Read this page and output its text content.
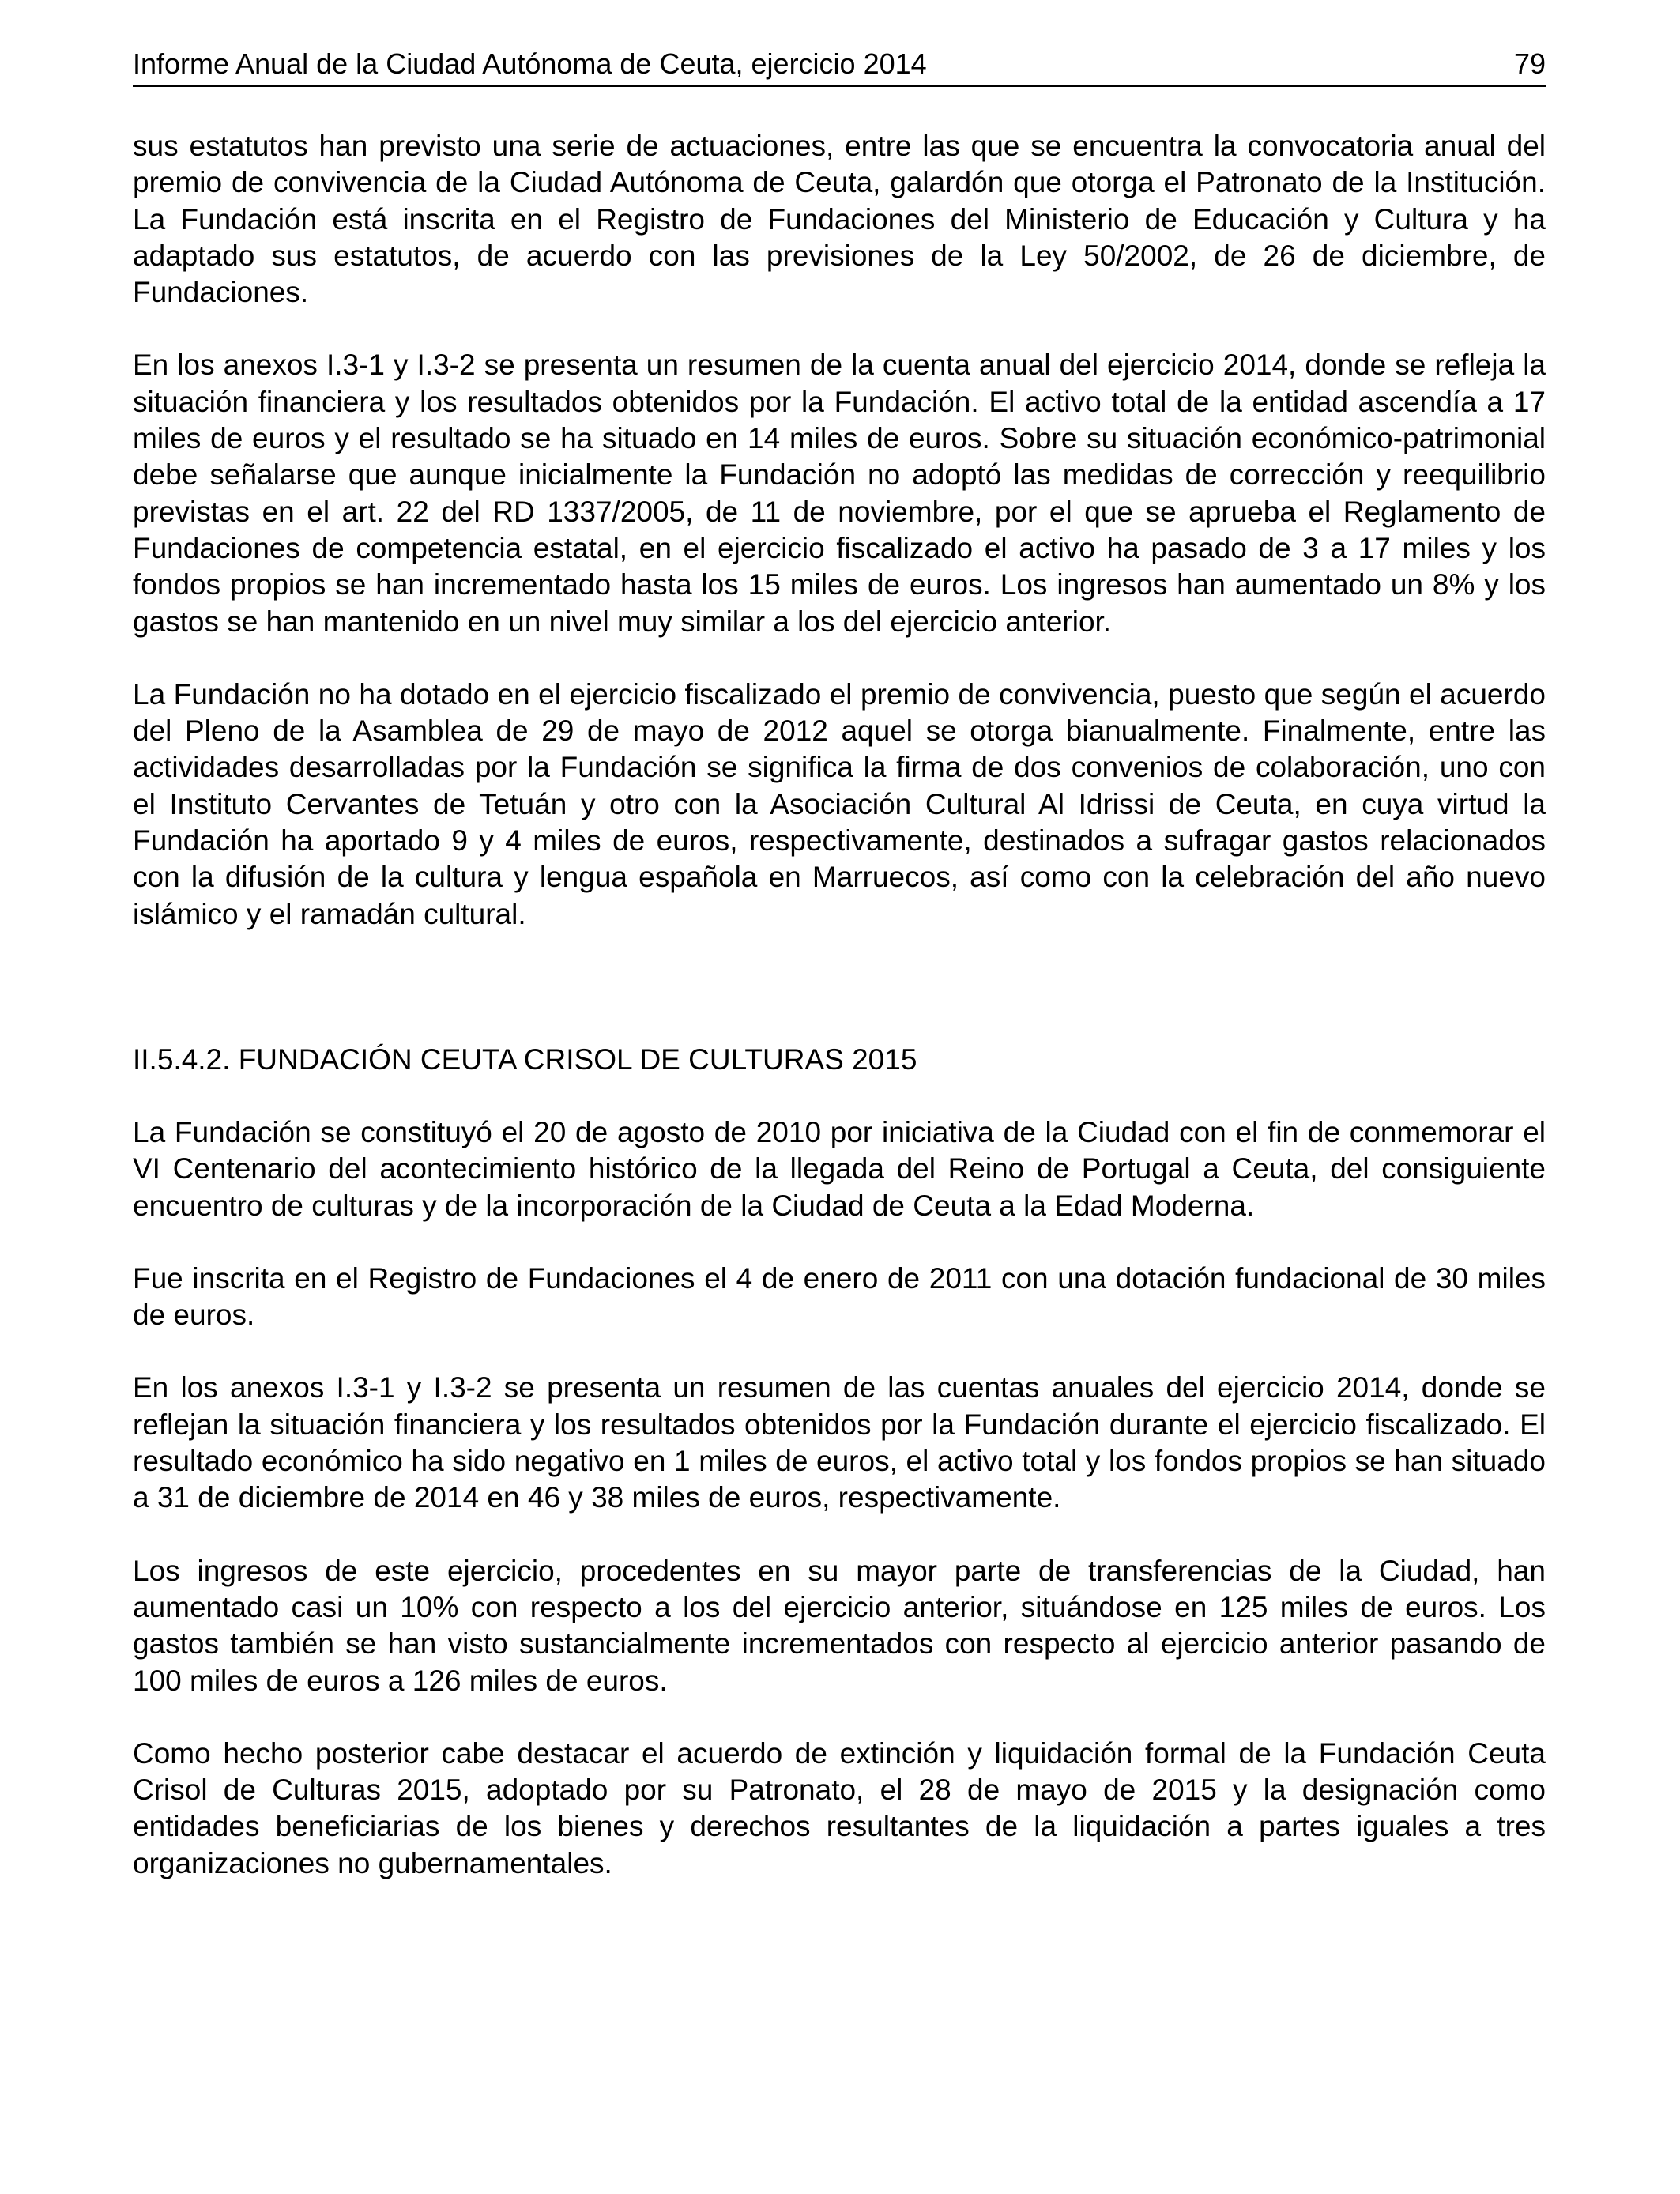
Informe Anual de la Ciudad Autónoma de Ceuta, ejercicio 2014	79

sus estatutos han previsto una serie de actuaciones, entre las que se encuentra la convocatoria anual del premio de convivencia de la Ciudad Autónoma de Ceuta, galardón que otorga el Patronato de la Institución. La Fundación está inscrita en el Registro de Fundaciones del Ministerio de Educación y Cultura y ha adaptado sus estatutos, de acuerdo con las previsiones de la Ley 50/2002, de 26 de diciembre, de Fundaciones.

En los anexos I.3-1 y I.3-2 se presenta un resumen de la cuenta anual del ejercicio 2014, donde se refleja la situación financiera y los resultados obtenidos por la Fundación. El activo total de la entidad ascendía a 17 miles de euros y el resultado se ha situado en 14 miles de euros. Sobre su situación económico-patrimonial debe señalarse que aunque inicialmente la Fundación no adoptó las medidas de corrección y reequilibrio previstas en el art. 22 del RD 1337/2005, de 11 de noviembre, por el que se aprueba el Reglamento de Fundaciones de competencia estatal, en el ejercicio fiscalizado el activo ha pasado de 3 a 17 miles y los fondos propios se han incrementado hasta los 15 miles de euros. Los ingresos han aumentado un 8% y los gastos se han mantenido en un nivel muy similar a los del ejercicio anterior.

La Fundación no ha dotado en el ejercicio fiscalizado el premio de convivencia, puesto que según el acuerdo del Pleno de la Asamblea de 29 de mayo de 2012 aquel se otorga bianualmente. Finalmente, entre las actividades desarrolladas por la Fundación se significa la firma de dos convenios de colaboración, uno con el Instituto Cervantes de Tetuán y otro con la Asociación Cultural Al Idrissi de Ceuta, en cuya virtud la Fundación ha aportado 9 y 4 miles de euros, respectivamente, destinados a sufragar gastos relacionados con la difusión de la cultura y lengua española en Marruecos, así como con la celebración del año nuevo islámico y el ramadán cultural.

II.5.4.2. FUNDACIÓN CEUTA CRISOL DE CULTURAS 2015

La Fundación se constituyó el 20 de agosto de 2010 por iniciativa de la Ciudad con el fin de conmemorar el VI Centenario del acontecimiento histórico de la llegada del Reino de Portugal a Ceuta, del consiguiente encuentro de culturas y de la incorporación de la Ciudad de Ceuta a la Edad Moderna.

Fue inscrita en el Registro de Fundaciones el 4 de enero de 2011 con una dotación fundacional de 30 miles de euros.

En los anexos I.3-1 y I.3-2 se presenta un resumen de las cuentas anuales del ejercicio 2014, donde se reflejan la situación financiera y los resultados obtenidos por la Fundación durante el ejercicio fiscalizado. El resultado económico ha sido negativo en 1 miles de euros, el activo total y los fondos propios se han situado a 31 de diciembre de 2014 en 46 y 38 miles de euros, respectivamente.

Los ingresos de este ejercicio, procedentes en su mayor parte de transferencias de la Ciudad, han aumentado casi un 10% con respecto a los del ejercicio anterior, situándose en 125 miles de euros. Los gastos también se han visto sustancialmente incrementados con respecto al ejercicio anterior pasando de 100 miles de euros a 126 miles de euros.

Como hecho posterior cabe destacar el acuerdo de extinción y liquidación formal de la Fundación Ceuta Crisol de Culturas 2015, adoptado por su Patronato, el 28 de mayo de 2015 y la designación como entidades beneficiarias de los bienes y derechos resultantes de la liquidación a partes iguales a tres organizaciones no gubernamentales.
